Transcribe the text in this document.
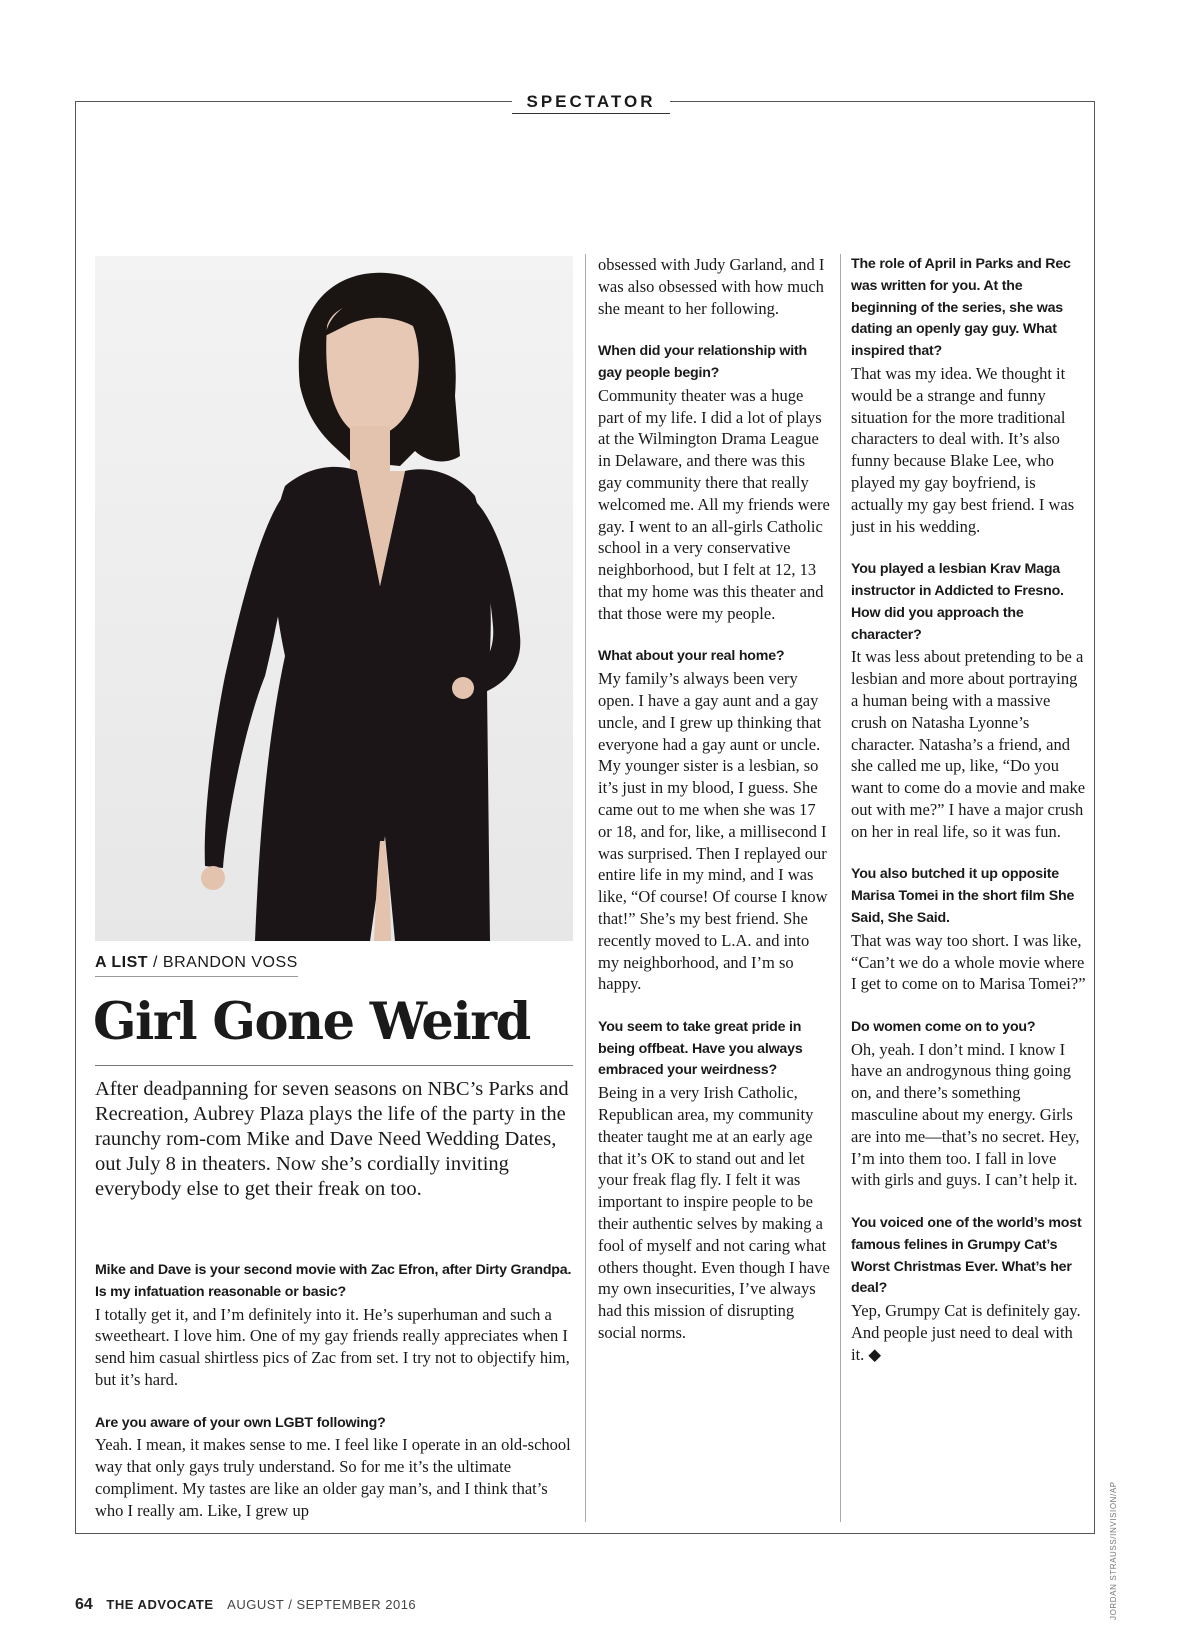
SPECTATOR
A LIST / BRANDON VOSS
Girl Gone Weird
After deadpanning for seven seasons on NBC’s Parks and Recreation, Aubrey Plaza plays the life of the party in the raunchy rom-com Mike and Dave Need Wedding Dates, out July 8 in theaters. Now she’s cordially inviting everybody else to get their freak on too.
Mike and Dave is your second movie with Zac Efron, after Dirty Grandpa. Is my infatuation reasonable or basic?
I totally get it, and I’m definitely into it. He’s superhuman and such a sweetheart. I love him. One of my gay friends really appreciates when I send him casual shirtless pics of Zac from set. I try not to objectify him, but it’s hard.
Are you aware of your own LGBT following?
Yeah. I mean, it makes sense to me. I feel like I operate in an old-school way that only gays truly understand. So for me it’s the ultimate compliment. My tastes are like an older gay man’s, and I think that’s who I really am. Like, I grew up
obsessed with Judy Garland, and I was also obsessed with how much she meant to her following.
When did your relationship with gay people begin?
Community theater was a huge part of my life. I did a lot of plays at the Wilmington Drama League in Delaware, and there was this gay community there that really welcomed me. All my friends were gay. I went to an all-girls Catholic school in a very conservative neighborhood, but I felt at 12, 13 that my home was this theater and that those were my people.
What about your real home?
My family’s always been very open. I have a gay aunt and a gay uncle, and I grew up thinking that everyone had a gay aunt or uncle. My younger sister is a lesbian, so it’s just in my blood, I guess. She came out to me when she was 17 or 18, and for, like, a millisecond I was surprised. Then I replayed our entire life in my mind, and I was like, “Of course! Of course I know that!” She’s my best friend. She recently moved to L.A. and into my neighborhood, and I’m so happy.
You seem to take great pride in being offbeat. Have you always embraced your weirdness?
Being in a very Irish Catholic, Republican area, my community theater taught me at an early age that it’s OK to stand out and let your freak flag fly. I felt it was important to inspire people to be their authentic selves by making a fool of myself and not caring what others thought. Even though I have my own insecurities, I’ve always had this mission of disrupting social norms.
The role of April in Parks and Rec was written for you. At the beginning of the series, she was dating an openly gay guy. What inspired that?
That was my idea. We thought it would be a strange and funny situation for the more traditional characters to deal with. It’s also funny because Blake Lee, who played my gay boyfriend, is actually my gay best friend. I was just in his wedding.
You played a lesbian Krav Maga instructor in Addicted to Fresno. How did you approach the character?
It was less about pretending to be a lesbian and more about portraying a human being with a massive crush on Natasha Lyonne’s character. Natasha’s a friend, and she called me up, like, “Do you want to come do a movie and make out with me?” I have a major crush on her in real life, so it was fun.
You also butched it up opposite Marisa Tomei in the short film She Said, She Said.
That was way too short. I was like, “Can’t we do a whole movie where I get to come on to Marisa Tomei?”
Do women come on to you?
Oh, yeah. I don’t mind. I know I have an androgynous thing going on, and there’s something masculine about my energy. Girls are into me—that’s no secret. Hey, I’m into them too. I fall in love with girls and guys. I can’t help it.
You voiced one of the world’s most famous felines in Grumpy Cat’s Worst Christmas Ever. What’s her deal?
Yep, Grumpy Cat is definitely gay. And people just need to deal with it. ◆
JORDAN STRAUSS/INVISION/AP
64 THE ADVOCATE AUGUST / SEPTEMBER 2016
